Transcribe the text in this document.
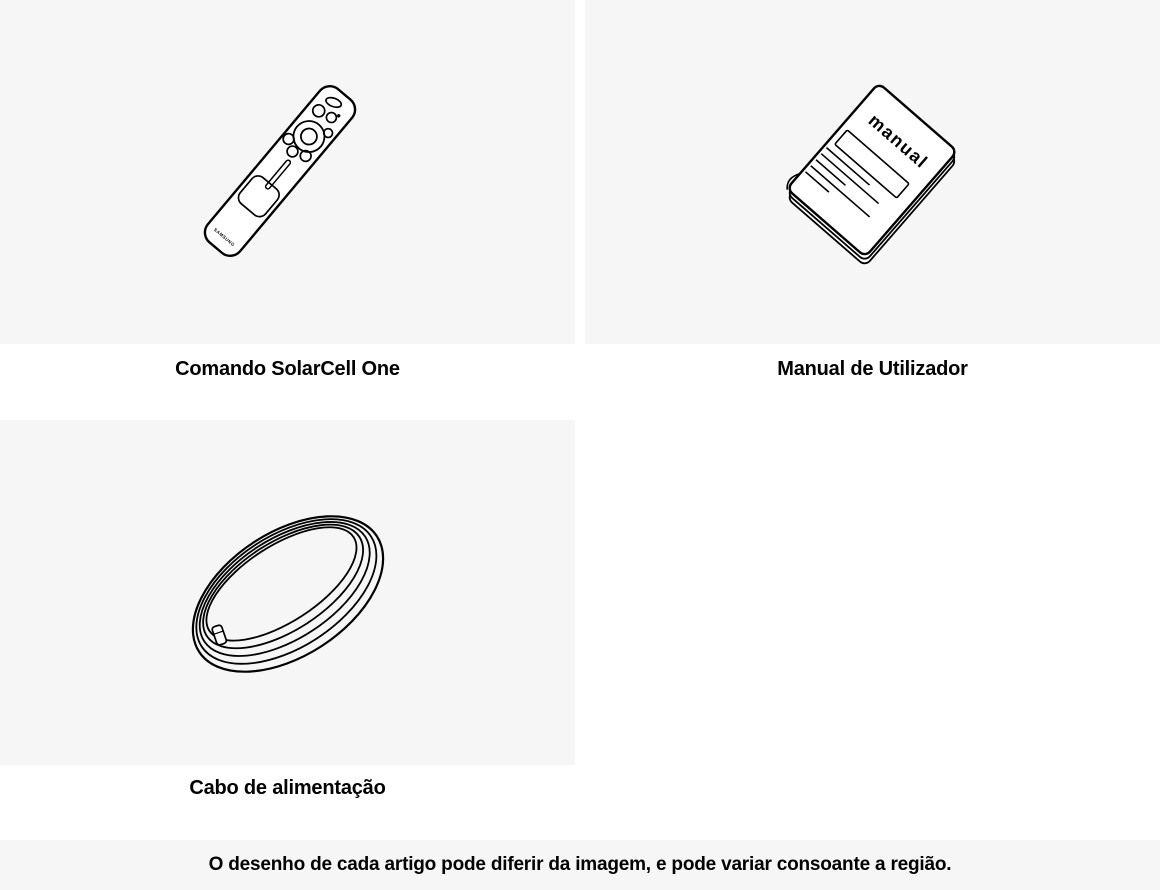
SAMSUNG
Comando SolarCell One
manual
Manual de Utilizador
Cabo de alimentação
O desenho de cada artigo pode diferir da imagem, e pode variar consoante a região.
